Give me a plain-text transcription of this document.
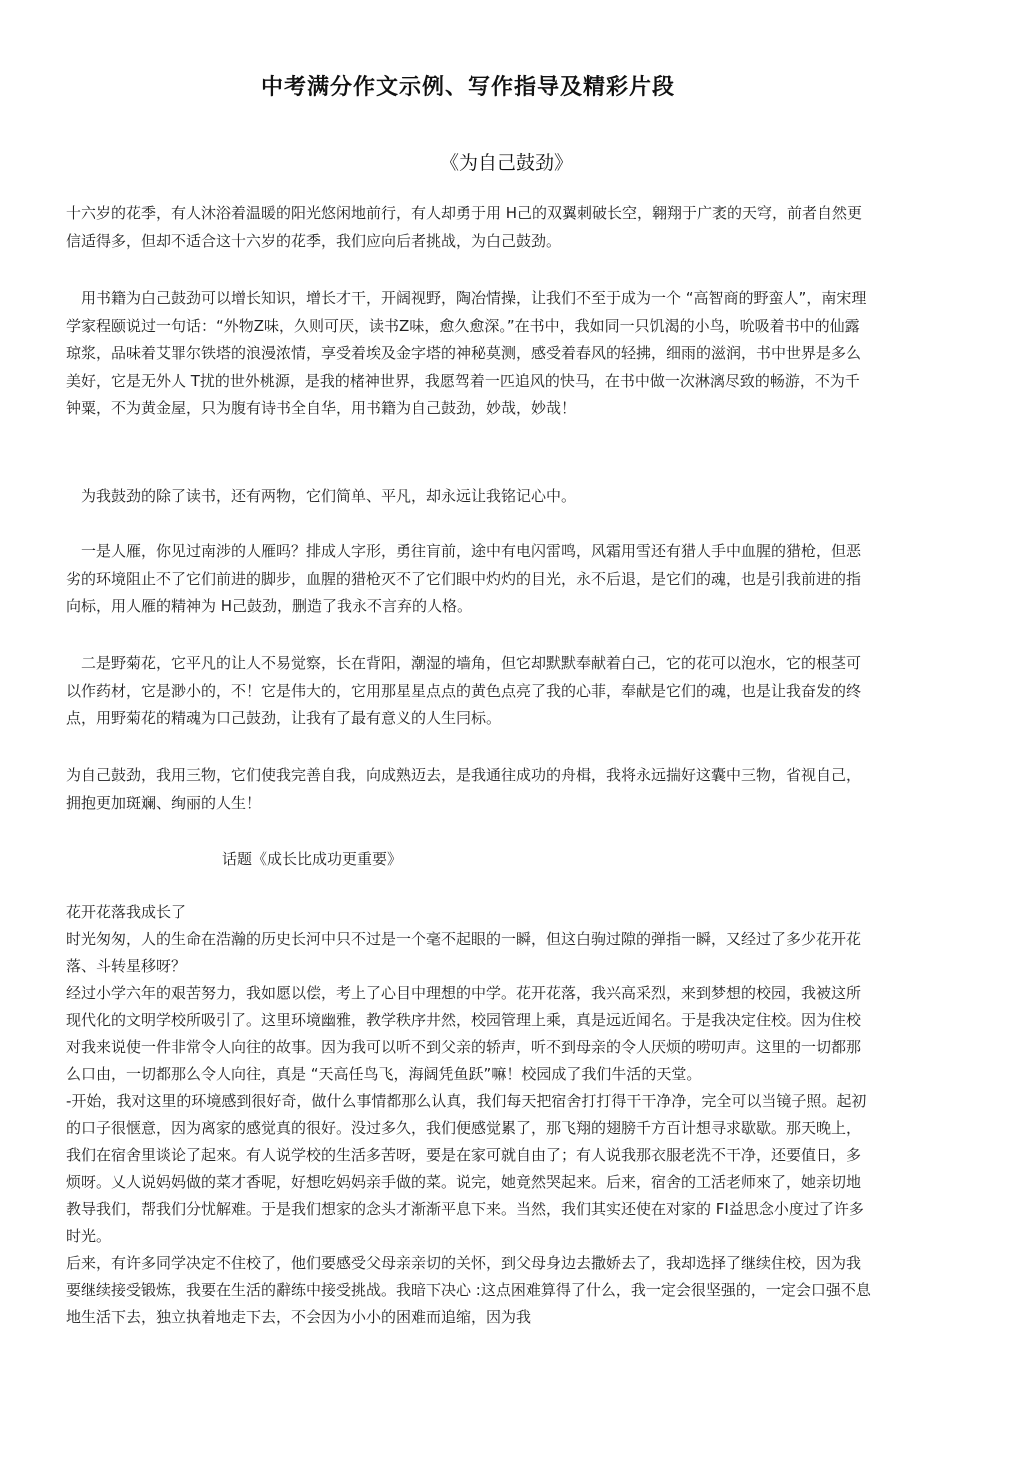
中考满分作文示例、写作指导及精彩片段
《为自己鼓劲》

十六岁的花季，有人沐浴着温暖的阳光悠闲地前行，有人却勇于用 H己的双翼刺破长空，翱翔于广袤的天穹，前者自然更信适得多，但却不适合这十六岁的花季，我们应向后者挑战，为白己鼓劲。

用书籍为白己鼓劲可以增长知识，增长才干，开阔视野，陶冶情操，让我们不至于成为一个 “高智商的野蛮人”，南宋理学家程颐说过一句话：“外物Z味，久则可厌，读书Z味，愈久愈深。”在书中，我如同一只饥渴的小鸟，吮吸着书中的仙露琼浆，品味着艾罪尔铁塔的浪漫浓情，享受着埃及金字塔的神秘莫测，感受着春风的轻拂，细雨的滋润，书中世界是多么美好，它是无外人 T扰的世外桃源，是我的楮神世界，我愿驾着一匹追风的快马，在书中做一次淋漓尽致的畅游，不为千钟粟，不为黄金屋，只为腹有诗书全自华，用书籍为自己鼓劲，妙哉，妙哉！

为我鼓劲的除了读书，还有两物，它们简单、平凡，却永远让我铭记心中。

一是人雁，你见过南涉的人雁吗？排成人字形，勇往肓前，途中有电闪雷鸣，风霜用雪还有猎人手中血腥的猎枪，但恶劣的环境阻止不了它们前进的脚步，血腥的猎枪灭不了它们眼中灼灼的目光，永不后退，是它们的魂，也是引我前进的指向标，用人雁的精神为 H己鼓劲，删造了我永不言弃的人格。

二是野菊花，它平凡的让人不易觉察，长在背阳，潮湿的墙角，但它却默默奉献着白己，它的花可以泡水，它的根茎可以作药材，它是渺小的，不！它是伟大的，它用那星星点点的黄色点亮了我的心菲，奉献是它们的魂，也是让我奋发的终点，用野菊花的精魂为口己鼓劲，让我有了最有意义的人生冃标。

为自己鼓劲，我用三物，它们使我完善自我，向成熟迈去，是我通往成功的舟楫，我将永远揣好这囊中三物，省视自己，拥抱更加斑斓、绚丽的人生！

话题《成长比成功更重要》

花开花落我成长了

时光匆匆，人的生命在浩瀚的历史长河中只不过是一个毫不起眼的一瞬，但这白驹过隙的弹指一瞬，又经过了多少花开花落、斗转星移呀？

经过小学六年的艰苦努力，我如愿以偿，考上了心目中理想的中学。花开花落，我兴高采烈，来到梦想的校园，我被这所现代化的文明学校所吸引了。这里环境幽雅，教学秩序井然，校园管理上乘，真是远近闻名。于是我决定住校。因为住校对我来说使一件非常令人向往的故事。因为我可以听不到父亲的轿声，听不到母亲的令人厌烦的唠叨声。这里的一切都那么口由，一切都那么令人向往，真是 “天高任鸟飞，海阔凭鱼跃”嘛！校园成了我们牛活的天堂。

-开始，我对这里的环境感到很好奇，做什么事情都那么认真，我们每天把宿舍打打得干干净净，完全可以当镜子照。起初的口子很惬意，因为离家的感觉真的很好。没过多久，我们便感觉累了，那飞翔的翅膀千方百计想寻求歇歇。那天晚上，我们在宿舍里谈论了起來。有人说学校的生活多苦呀，要是在家可就自由了；有人说我那衣服老洗不干净，还要值日，多烦呀。乂人说妈妈做的菜才香呢，好想吃妈妈亲手做的菜。说完，她竟然哭起来。后来，宿舍的工活老师來了，她亲切地教导我们，帮我们分忧解难。于是我们想家的念头才渐渐平息下来。当然，我们其实还使在对家的 FI益思念小度过了许多时光。

后来，有许多同学决定不住校了，他们要感受父母亲亲切的关怀，到父母身边去撒娇去了，我却选择了继续住校，因为我要继续接受锻炼，我要在生活的辭练中接受挑战。我暗下决心 :这点困难算得了什么，我一定会很坚强的，一定会口强不息地生活下去，独立执着地走下去，不会因为小小的困难而追缩，因为我
